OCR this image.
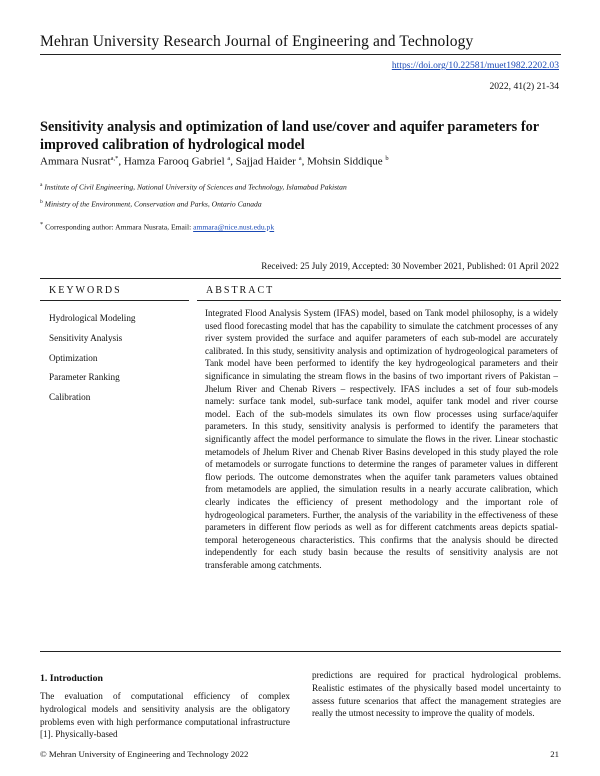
Mehran University Research Journal of Engineering and Technology
https://doi.org/10.22581/muet1982.2202.03
2022, 41(2) 21-34
Sensitivity analysis and optimization of land use/cover and aquifer parameters for improved calibration of hydrological model
Ammara Nusrat$^{a,*}$, Hamza Farooq Gabriel $^a$, Sajjad Haider $^a$, Mohsin Siddique $^b$
$^a$ Institute of Civil Engineering, National University of Sciences and Technology, Islamabad Pakistan
$^b$ Ministry of the Environment, Conservation and Parks, Ontario Canada
* Corresponding author: Ammara Nusrata, Email: ammara@nice.nust.edu.pk
Received: 25 July 2019, Accepted: 30 November 2021, Published: 01 April 2022
KEYWORDS	ABSTRACT
Hydrological Modeling
Sensitivity Analysis
Optimization
Parameter Ranking
Calibration
Integrated Flood Analysis System (IFAS) model, based on Tank model philosophy, is a widely used flood forecasting model that has the capability to simulate the catchment processes of any river system provided the surface and aquifer parameters of each sub-model are accurately calibrated. In this study, sensitivity analysis and optimization of hydrogeological parameters of Tank model have been performed to identify the key hydrogeological parameters and their significance in simulating the stream flows in the basins of two important rivers of Pakistan – Jhelum River and Chenab Rivers – respectively. IFAS includes a set of four sub-models namely: surface tank model, sub-surface tank model, aquifer tank model and river course model. Each of the sub-models simulates its own flow processes using surface/aquifer parameters. In this study, sensitivity analysis is performed to identify the parameters that significantly affect the model performance to simulate the flows in the river. Linear stochastic metamodels of Jhelum River and Chenab River Basins developed in this study played the role of metamodels or surrogate functions to determine the ranges of parameter values in different flow periods. The outcome demonstrates when the aquifer tank parameters values obtained from metamodels are applied, the simulation results in a nearly accurate calibration, which clearly indicates the efficiency of present methodology and the important role of hydrogeological parameters. Further, the analysis of the variability in the effectiveness of these parameters in different flow periods as well as for different catchments areas depicts spatial-temporal heterogeneous characteristics. This confirms that the analysis should be directed independently for each study basin because the results of sensitivity analysis are not transferable among catchments.
1. Introduction
The evaluation of computational efficiency of complex hydrological models and sensitivity analysis are the obligatory problems even with high performance computational infrastructure [1]. Physically-based
predictions are required for practical hydrological problems. Realistic estimates of the physically based model uncertainty to assess future scenarios that affect the management strategies are really the utmost necessity to improve the quality of models.
© Mehran University of Engineering and Technology 2022	21
